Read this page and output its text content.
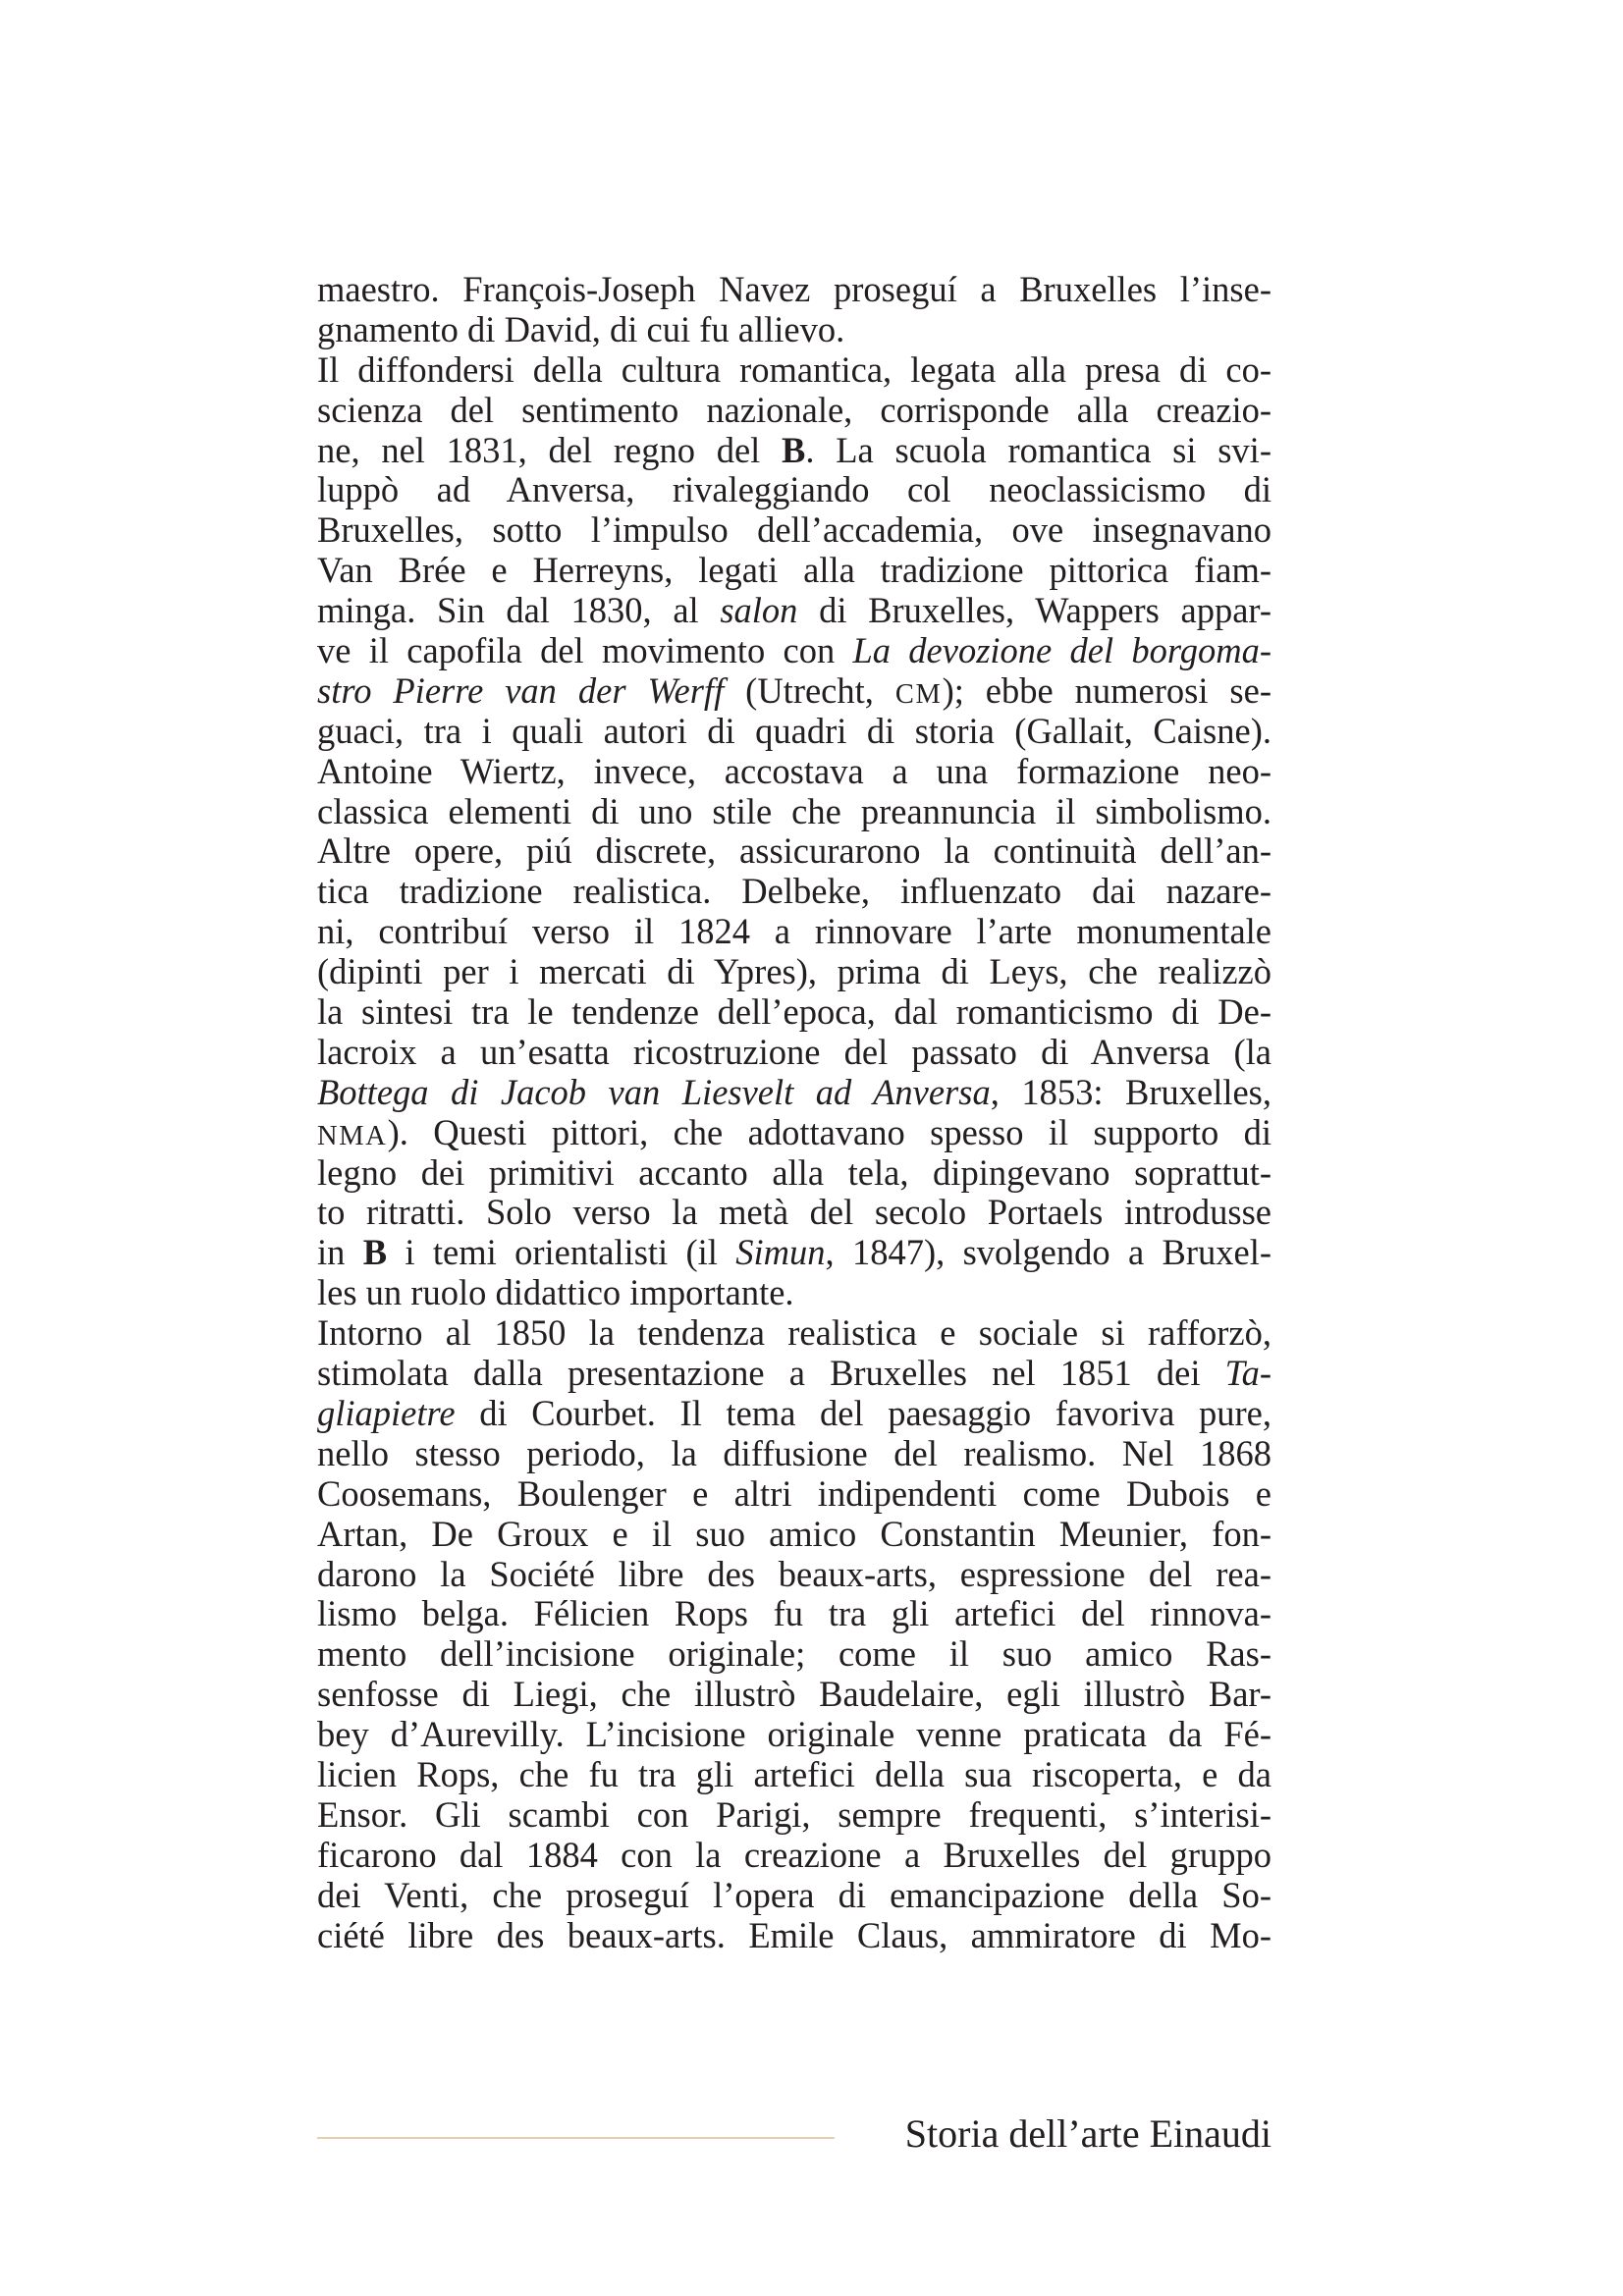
maestro. François-Joseph Navez proseguí a Bruxelles l’inse-
gnamento di David, di cui fu allievo.
Il diffondersi della cultura romantica, legata alla presa di co-
scienza del sentimento nazionale, corrisponde alla creazio-
ne, nel 1831, del regno del B. La scuola romantica si svi-
luppò ad Anversa, rivaleggiando col neoclassicismo di
Bruxelles, sotto l’impulso dell’accademia, ove insegnavano
Van Brée e Herreyns, legati alla tradizione pittorica fiam-
minga. Sin dal 1830, al salon di Bruxelles, Wappers appar-
ve il capofila del movimento con La devozione del borgoma-
stro Pierre van der Werff (Utrecht, CM); ebbe numerosi se-
guaci, tra i quali autori di quadri di storia (Gallait, Caisne).
Antoine Wiertz, invece, accostava a una formazione neo-
classica elementi di uno stile che preannuncia il simbolismo.
Altre opere, piú discrete, assicurarono la continuità dell’an-
tica tradizione realistica. Delbeke, influenzato dai nazare-
ni, contribuí verso il 1824 a rinnovare l’arte monumentale
(dipinti per i mercati di Ypres), prima di Leys, che realizzò
la sintesi tra le tendenze dell’epoca, dal romanticismo di De-
lacroix a un’esatta ricostruzione del passato di Anversa (la
Bottega di Jacob van Liesvelt ad Anversa, 1853: Bruxelles,
NMA). Questi pittori, che adottavano spesso il supporto di
legno dei primitivi accanto alla tela, dipingevano soprattut-
to ritratti. Solo verso la metà del secolo Portaels introdusse
in B i temi orientalisti (il Simun, 1847), svolgendo a Bruxel-
les un ruolo didattico importante.
Intorno al 1850 la tendenza realistica e sociale si rafforzò,
stimolata dalla presentazione a Bruxelles nel 1851 dei Ta-
gliapietre di Courbet. Il tema del paesaggio favoriva pure,
nello stesso periodo, la diffusione del realismo. Nel 1868
Coosemans, Boulenger e altri indipendenti come Dubois e
Artan, De Groux e il suo amico Constantin Meunier, fon-
darono la Société libre des beaux-arts, espressione del rea-
lismo belga. Félicien Rops fu tra gli artefici del rinnova-
mento dell’incisione originale; come il suo amico Ras-
senfosse di Liegi, che illustrò Baudelaire, egli illustrò Bar-
bey d’Aurevilly. L’incisione originale venne praticata da Fé-
licien Rops, che fu tra gli artefici della sua riscoperta, e da
Ensor. Gli scambi con Parigi, sempre frequenti, s’interisi-
ficarono dal 1884 con la creazione a Bruxelles del gruppo
dei Venti, che proseguí l’opera di emancipazione della So-
ciété libre des beaux-arts. Emile Claus, ammiratore di Mo-
Storia dell’arte Einaudi
